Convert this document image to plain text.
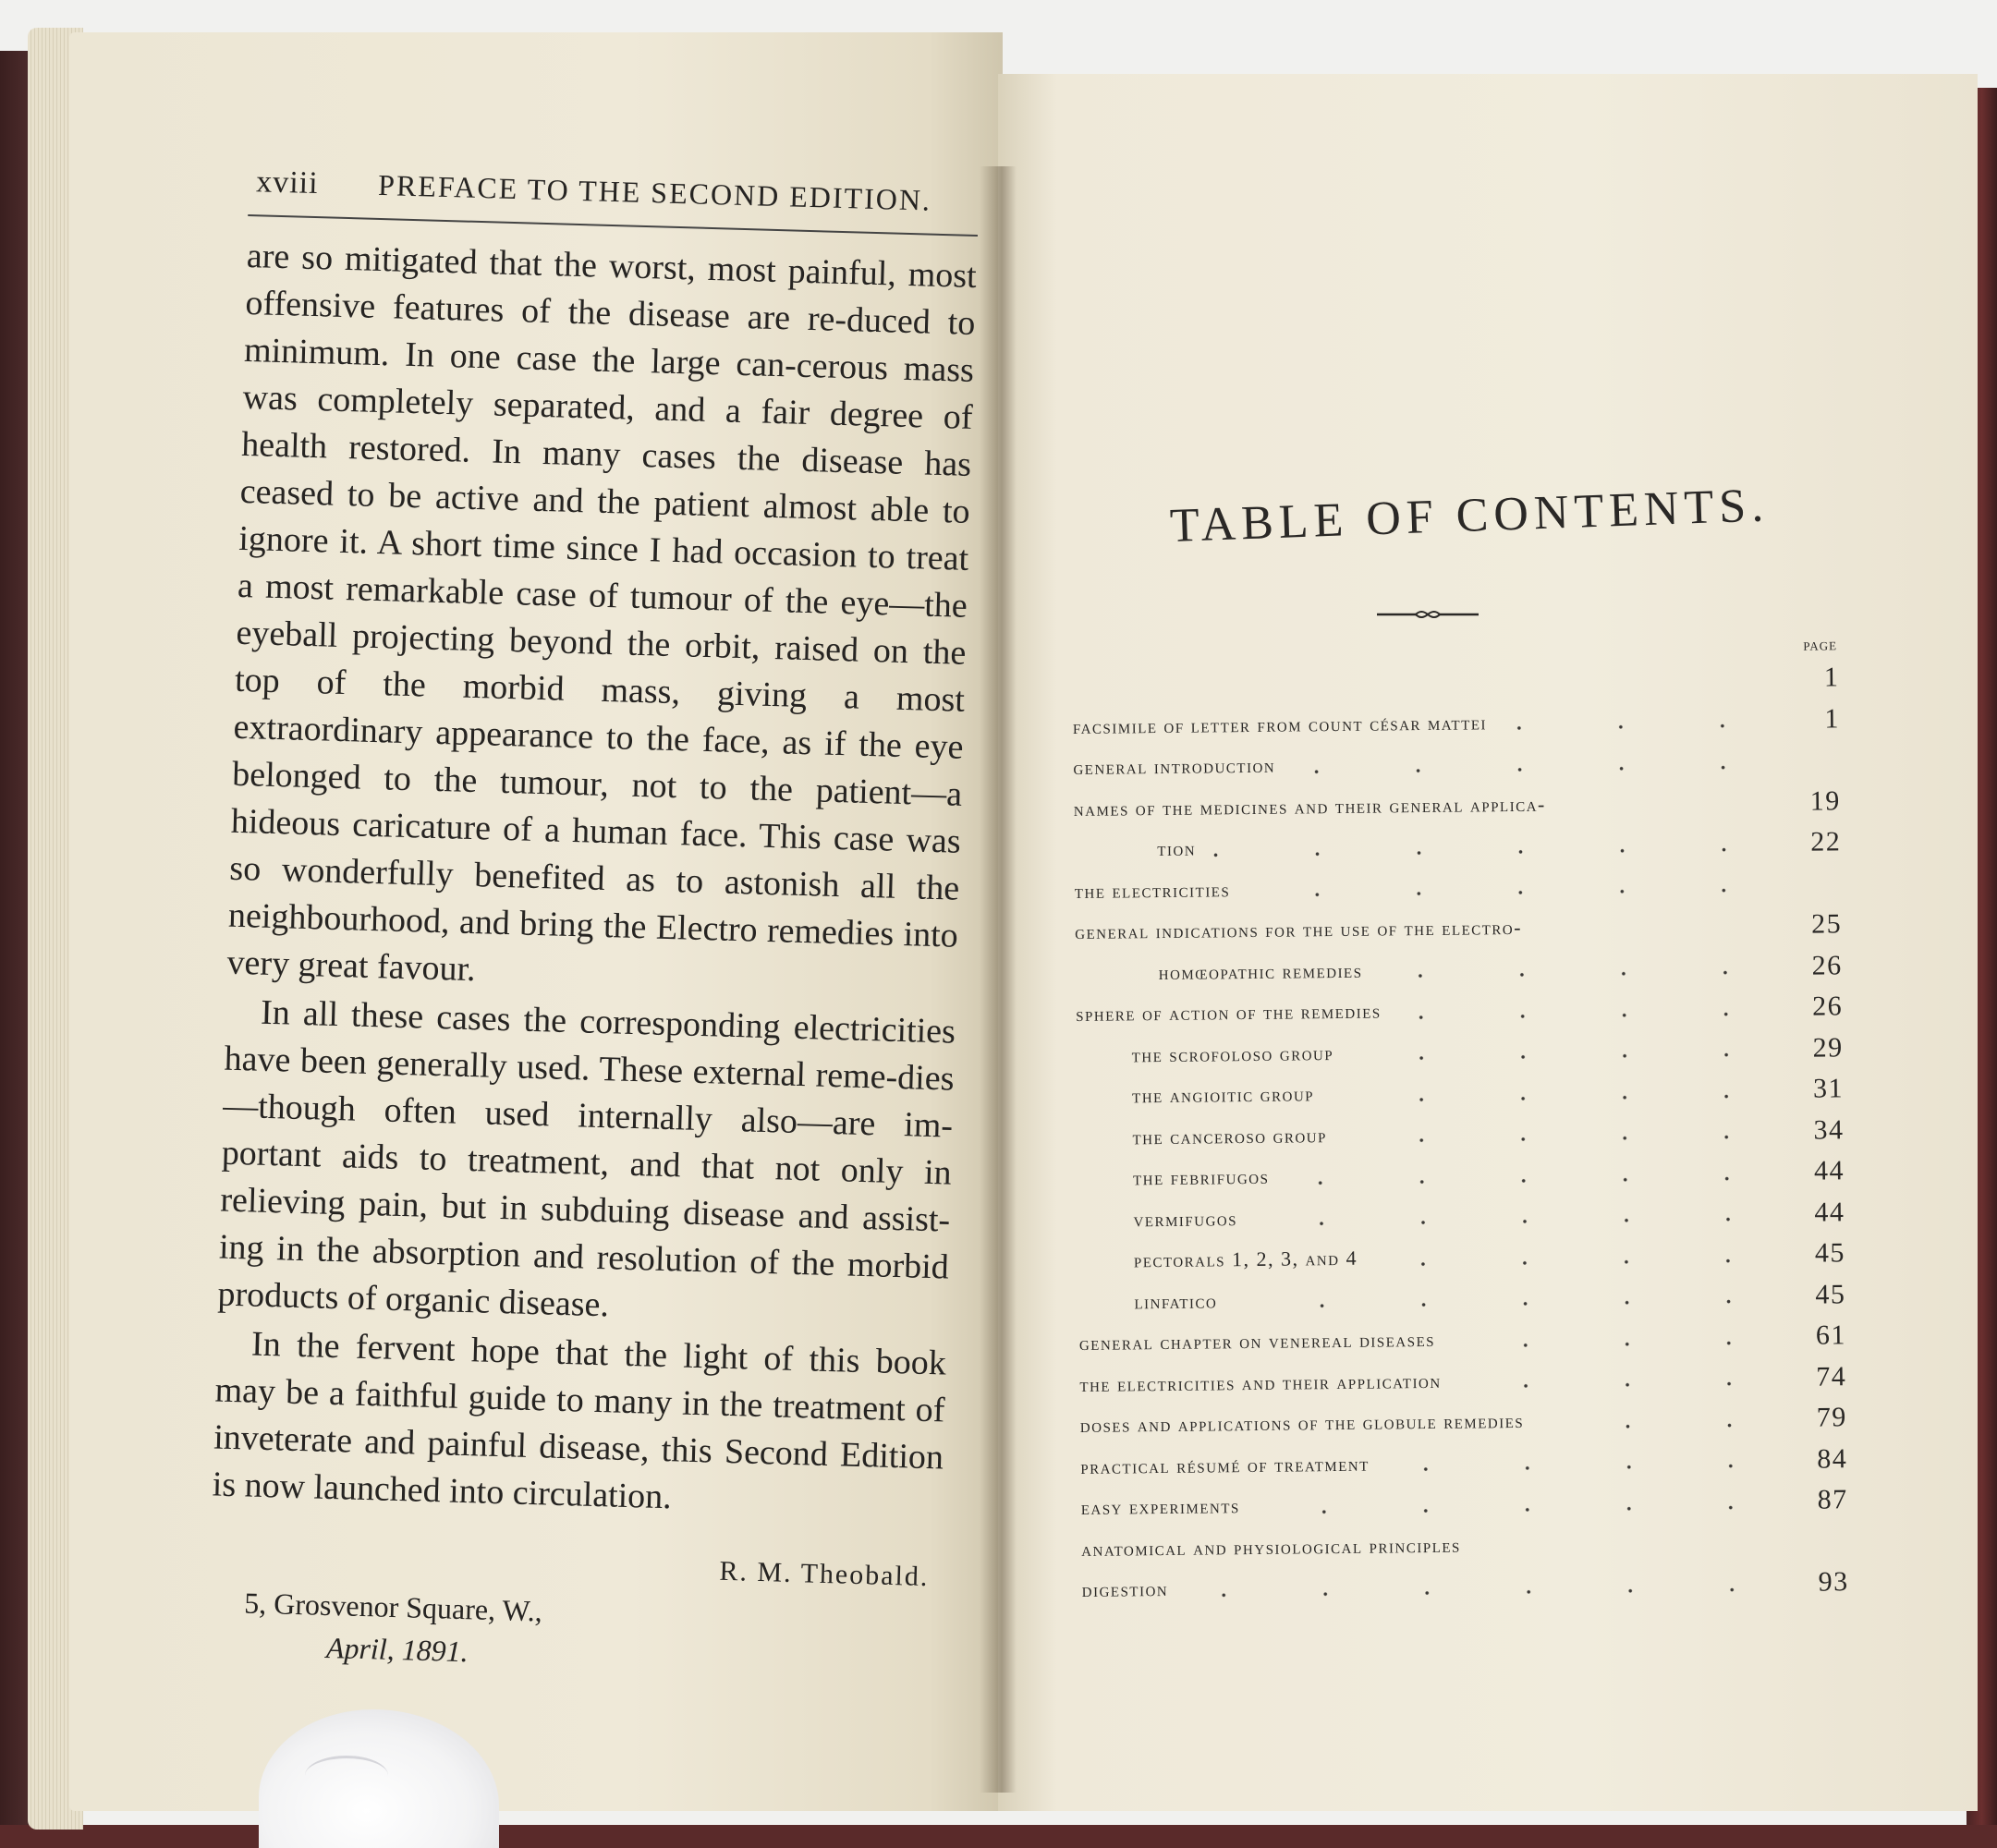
xviii PREFACE TO THE SECOND EDITION.

are so mitigated that the worst, most painful, most offensive features of the disease are re-duced to minimum. In one case the large can-cerous mass was completely separated, and a fair degree of health restored. In many cases the disease has ceased to be active and the patient almost able to ignore it. A short time since I had occasion to treat a most remarkable case of tumour of the eye—the eyeball projecting beyond the orbit, raised on the top of the morbid mass, giving a most extraordinary appearance to the face, as if the eye belonged to the tumour, not to the patient—a hideous caricature of a human face. This case was so wonderfully benefited as to astonish all the neighbourhood, and bring the Electro remedies into very great favour.

In all these cases the corresponding electricities have been generally used. These external reme-dies—though often used internally also—are im-portant aids to treatment, and that not only in relieving pain, but in subduing disease and assist-ing in the absorption and resolution of the morbid products of organic disease.

In the fervent hope that the light of this book may be a faithful guide to many in the treatment of inveterate and painful disease, this Second Edition is now launched into circulation.

R. M. Theobald.
5, Grosvenor Square, W.,
April, 1891.
TABLE OF CONTENTS.
PAGE
1
facsimile of letter from count césar mattei	1
general introduction
names of the medicines and their general applica-	19
tion	22
the electricities
general indications for the use of the electro-	25
homœopathic remedies	26
sphere of action of the remedies	26
the scrofoloso group	29
the angioitic group	31
the canceroso group	34
the febrifugos	44
vermifugos	44
pectorals 1, 2, 3, and 4	45
linfatico	45
general chapter on venereal diseases	61
the electricities and their application	74
doses and applications of the globule remedies	79
practical résumé of treatment	84
easy experiments	87
anatomical and physiological principles
digestion	93
